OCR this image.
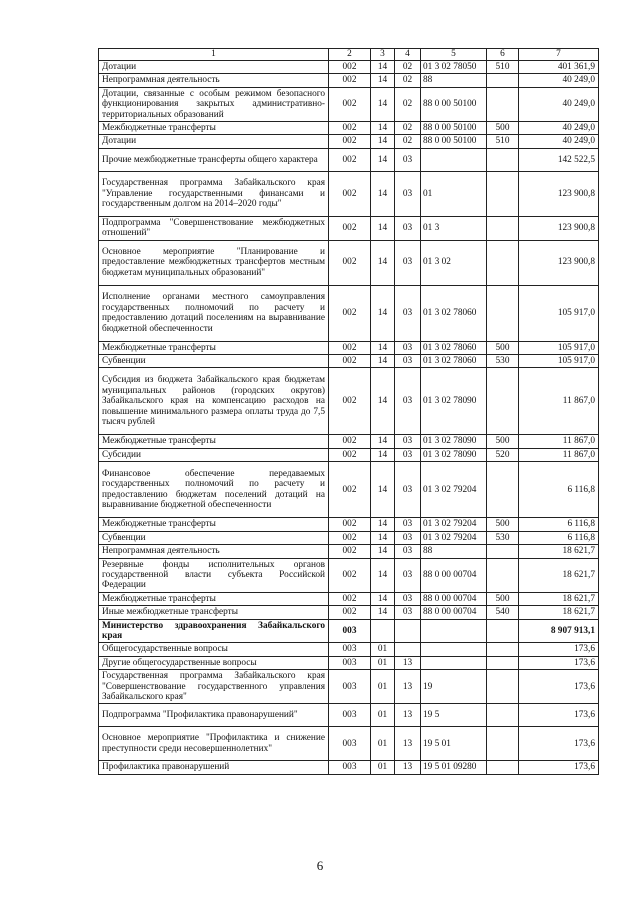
1	2	3	4	5	6	7
Дотации	002	14	02	01 3 02 78050	510	401 361,9
Непрограммная деятельность	002	14	02	88		40 249,0
Дотации, связанные с особым режимом безопасного функционирования закрытых административно-территориальных образований	002	14	02	88 0 00 50100		40 249,0
Межбюджетные трансферты	002	14	02	88 0 00 50100	500	40 249,0
Дотации	002	14	02	88 0 00 50100	510	40 249,0
Прочие межбюджетные трансферты общего характера	002	14	03			142 522,5
Государственная программа Забайкальского края "Управление государственными финансами и государственным долгом на 2014–2020 годы"	002	14	03	01		123 900,8
Подпрограмма "Совершенствование межбюджетных отношений"	002	14	03	01 3		123 900,8
Основное мероприятие "Планирование и предоставление межбюджетных трансфертов местным бюджетам муниципальных образований"	002	14	03	01 3 02		123 900,8
Исполнение органами местного самоуправления государственных полномочий по расчету и предоставлению дотаций поселениям на выравнивание бюджетной обеспеченности	002	14	03	01 3 02 78060		105 917,0
Межбюджетные трансферты	002	14	03	01 3 02 78060	500	105 917,0
Субвенции	002	14	03	01 3 02 78060	530	105 917,0
Субсидия из бюджета Забайкальского края бюджетам муниципальных районов (городских округов) Забайкальского края на компенсацию расходов на повышение минимального размера оплаты труда до 7,5 тысяч рублей	002	14	03	01 3 02 78090		11 867,0
Межбюджетные трансферты	002	14	03	01 3 02 78090	500	11 867,0
Субсидии	002	14	03	01 3 02 78090	520	11 867,0
Финансовое обеспечение передаваемых государственных полномочий по расчету и предоставлению бюджетам поселений дотаций на выравнивание бюджетной обеспеченности	002	14	03	01 3 02 79204		6 116,8
Межбюджетные трансферты	002	14	03	01 3 02 79204	500	6 116,8
Субвенции	002	14	03	01 3 02 79204	530	6 116,8
Непрограммная деятельность	002	14	03	88		18 621,7
Резервные фонды исполнительных органов государственной власти субъекта Российской Федерации	002	14	03	88 0 00 00704		18 621,7
Межбюджетные трансферты	002	14	03	88 0 00 00704	500	18 621,7
Иные межбюджетные трансферты	002	14	03	88 0 00 00704	540	18 621,7
Министерство здравоохранения Забайкальского края	003					8 907 913,1
Общегосударственные вопросы	003	01				173,6
Другие общегосударственные вопросы	003	01	13			173,6
Государственная программа Забайкальского края "Совершенствование государственного управления Забайкальского края"	003	01	13	19		173,6
Подпрограмма "Профилактика правонарушений"	003	01	13	19 5		173,6
Основное мероприятие "Профилактика и снижение преступности среди несовершеннолетних"	003	01	13	19 5 01		173,6
Профилактика правонарушений	003	01	13	19 5 01 09280		173,6
6
